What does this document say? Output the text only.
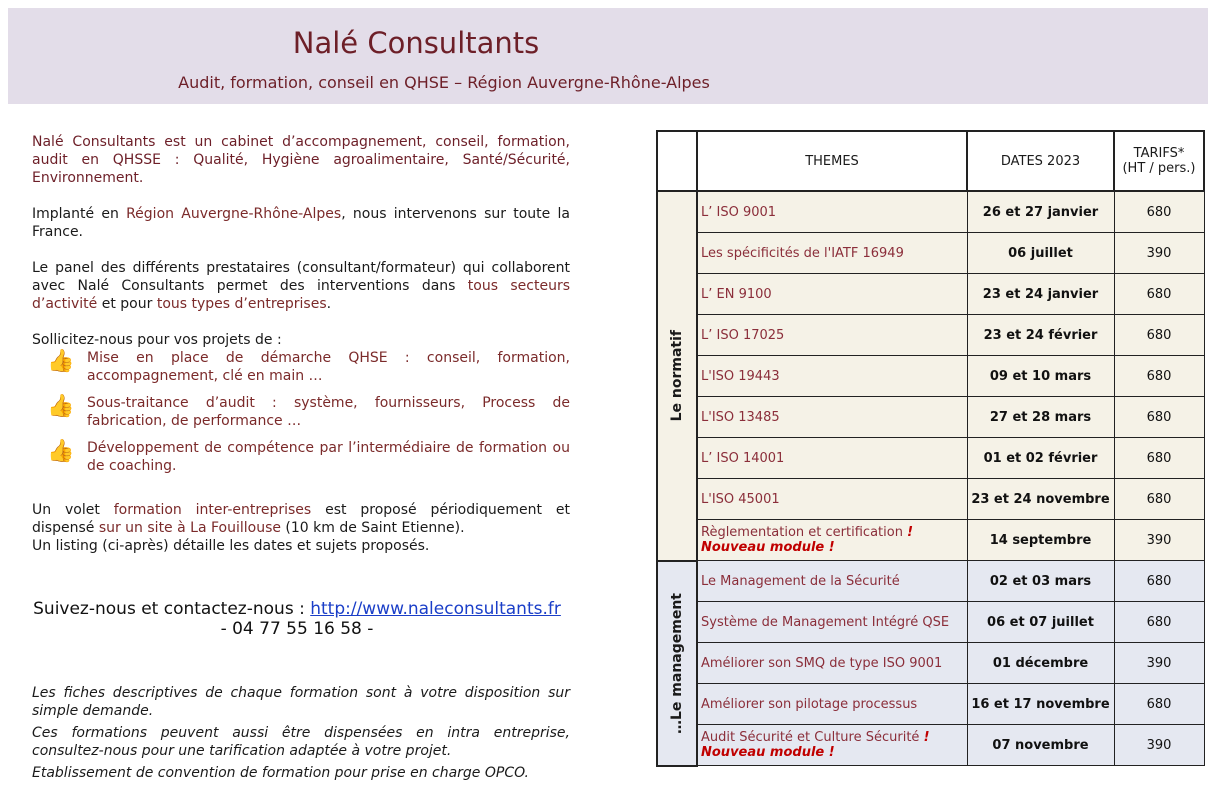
Nalé Consultants
Audit, formation, conseil en QHSE – Région Auvergne-Rhône-Alpes

Nalé Consultants est un cabinet d’accompagnement, conseil, formation, audit en QHSSE : Qualité, Hygiène agroalimentaire, Santé/Sécurité, Environnement.

Implanté en Région Auvergne-Rhône-Alpes, nous intervenons sur toute la France.

Le panel des différents prestataires (consultant/formateur) qui collaborent avec Nalé Consultants permet des interventions dans tous secteurs d’activité et pour tous types d’entreprises.

Sollicitez-nous pour vos projets de :

👍 Mise en place de démarche QHSE : conseil, formation, accompagnement, clé en main …
👍 Sous-traitance d’audit : système, fournisseurs, Process de fabrication, de performance …
👍 Développement de compétence par l’intermédiaire de formation ou de coaching.

Un volet formation inter-entreprises est proposé périodiquement et dispensé sur un site à La Fouillouse (10 km de Saint Etienne).

Un listing (ci-après) détaille les dates et sujets proposés.

Suivez-nous et contactez-nous : http://www.naleconsultants.fr
- 04 77 55 16 58 -

Les fiches descriptives de chaque formation sont à votre disposition sur simple demande.

Ces formations peuvent aussi être dispensées en intra entreprise, consultez-nous pour une tarification adaptée à votre projet.

Etablissement de convention de formation pour prise en charge OPCO.

	THEMES	DATES 2023	TARIFS*
(HT / pers.)

Le normatif	L’ ISO 9001	26 et 27 janvier	680
	Les spécificités de l'IATF 16949	06 juillet	390
	L’ EN 9100	23 et 24 janvier	680
	L’ ISO 17025	23 et 24 février	680
	L'ISO 19443	09 et 10 mars	680
	L'ISO 13485	27 et 28 mars	680
	L’ ISO 14001	01 et 02 février	680
	L'ISO 45001	23 et 24 novembre	680
	Règlementation et certification ! Nouveau module !	14 septembre	390

…Le management	Le Management de la Sécurité	02 et 03 mars	680
	Système de Management Intégré QSE	06 et 07 juillet	680
	Améliorer son SMQ de type ISO 9001	01 décembre	390
	Améliorer son pilotage processus	16 et 17 novembre	680
	Audit Sécurité et Culture Sécurité ! Nouveau module !	07 novembre	390
